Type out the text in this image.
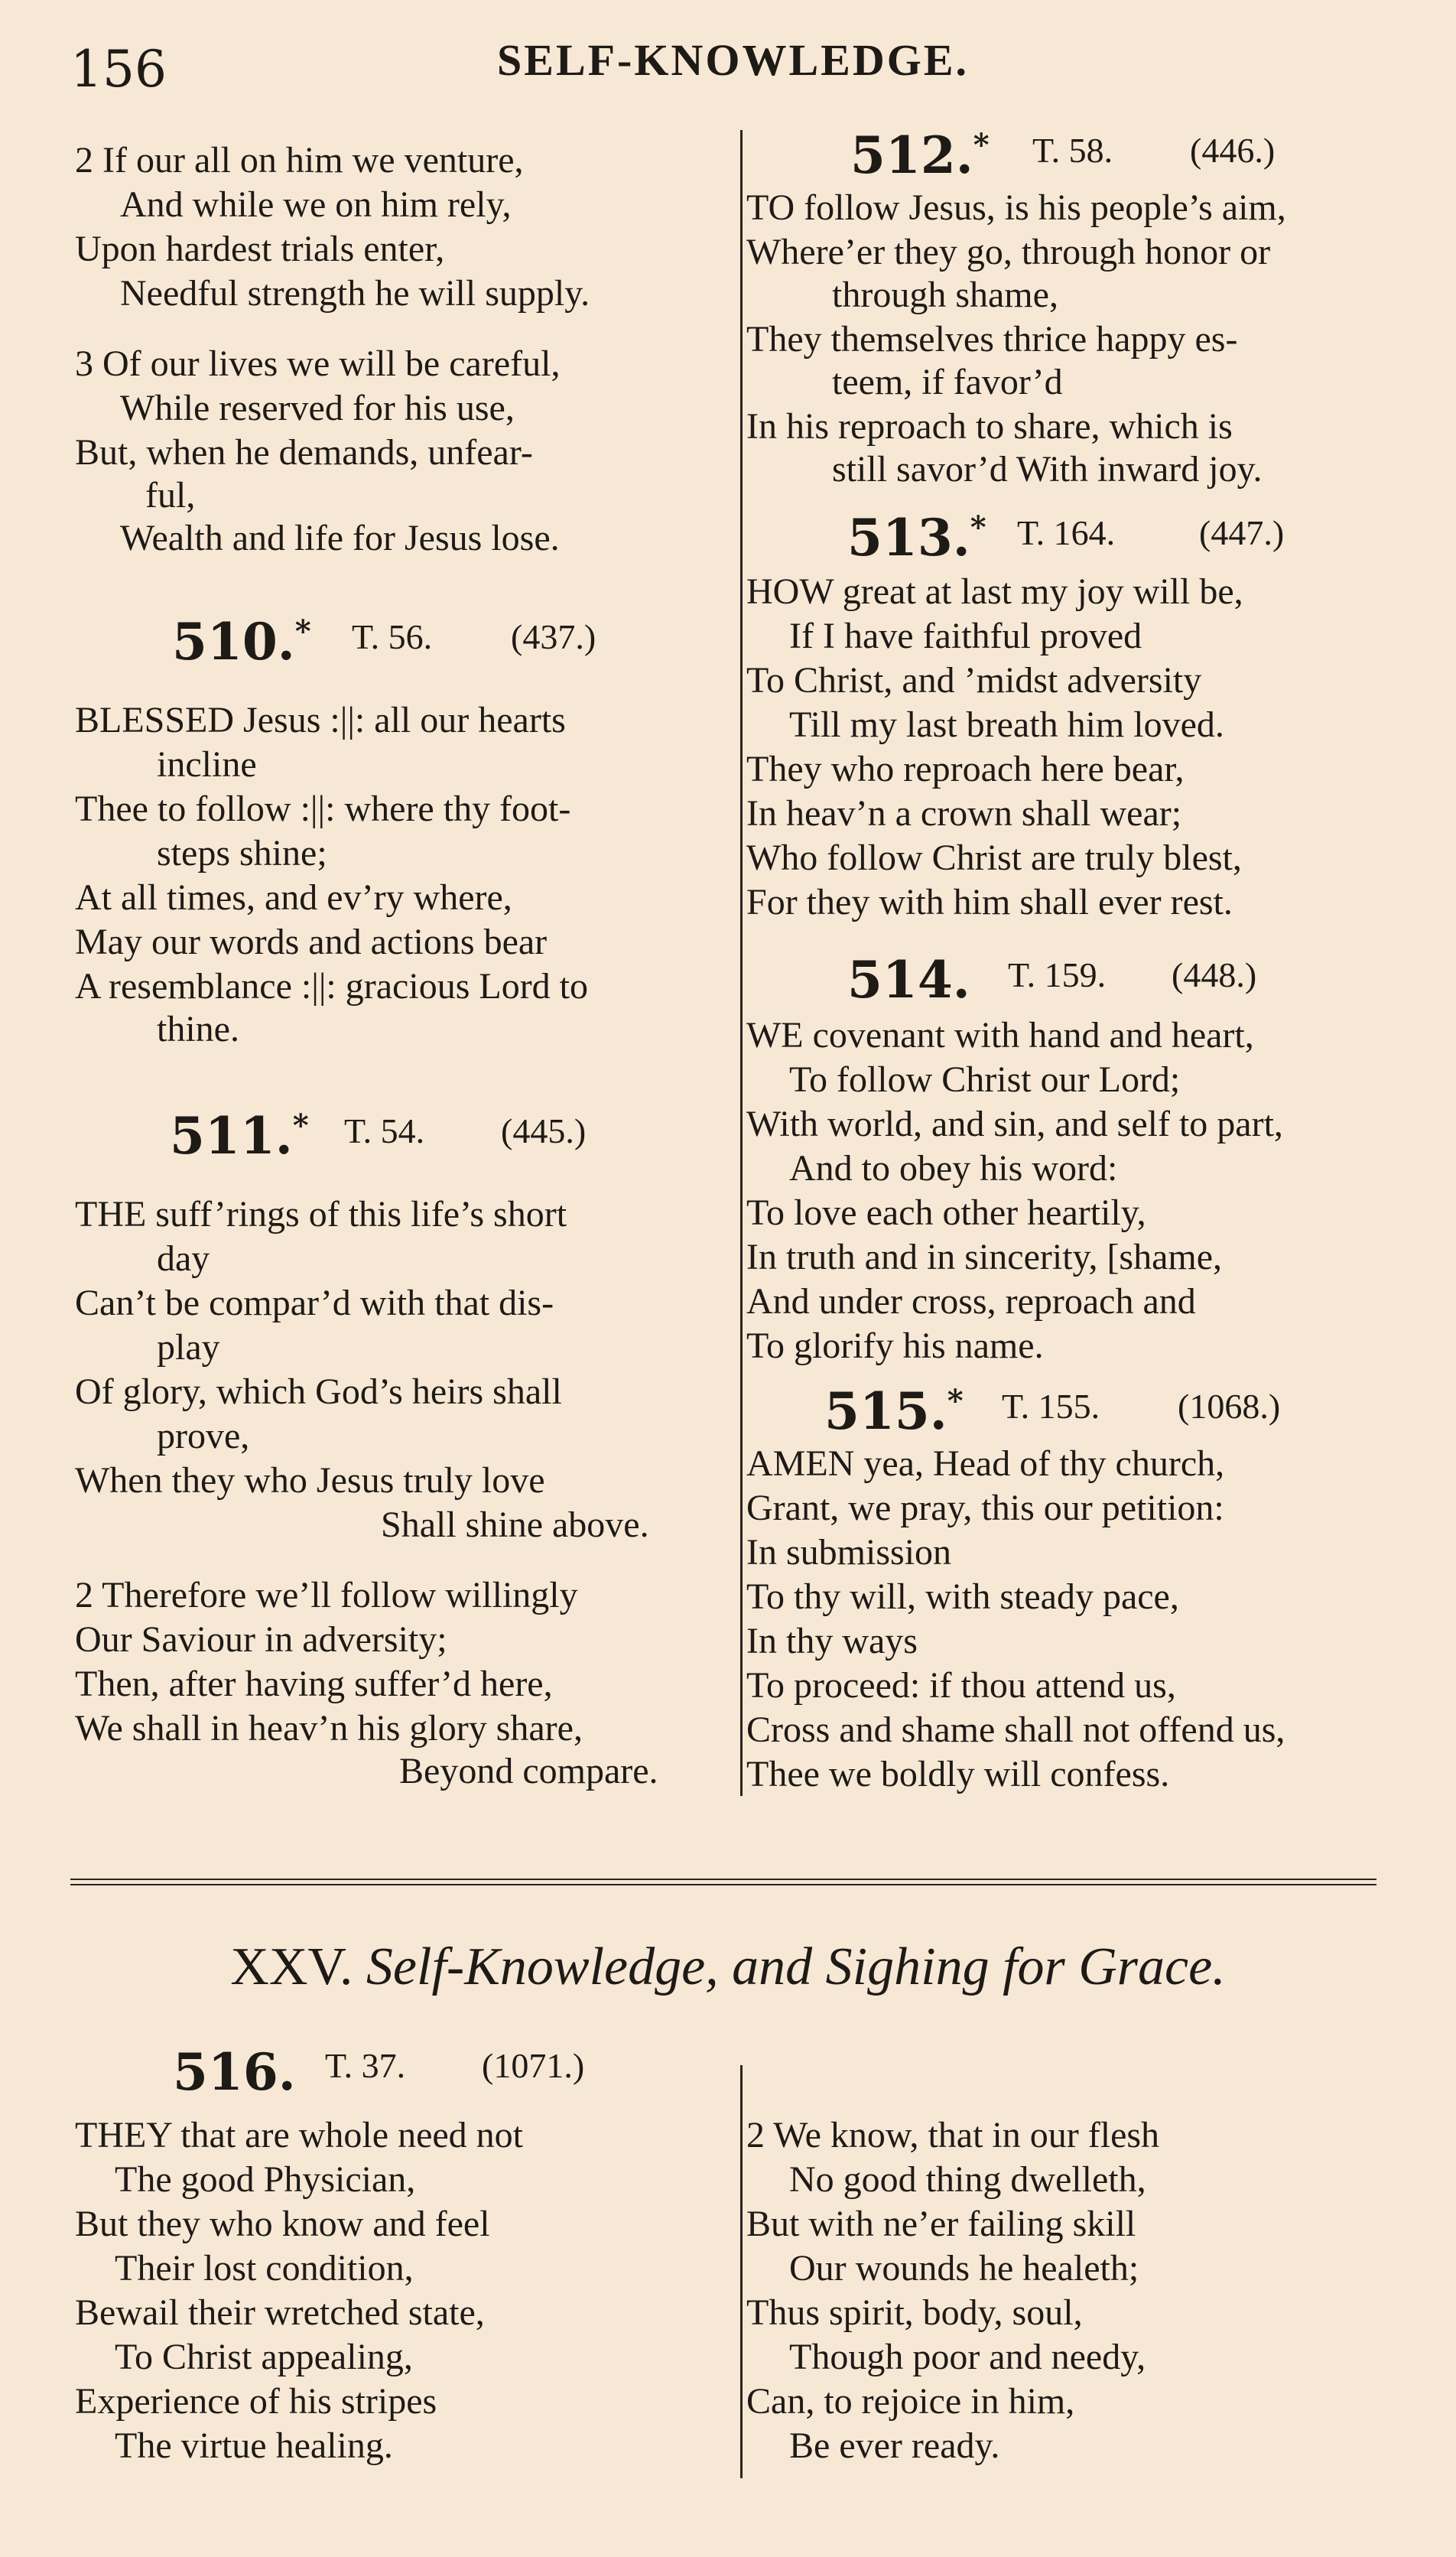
156	SELF-KNOWLEDGE.
2 If our all on him we venture,
And while we on him rely,
Upon hardest trials enter,
Needful strength he will supply.
3 Of our lives we will be careful,
While reserved for his use,
But, when he demands, unfear-
ful,
Wealth and life for Jesus lose.
510.* T. 56. (437.)
BLESSED Jesus :||: all our hearts
incline
Thee to follow :||: where thy foot-
steps shine;
At all times, and ev’ry where,
May our words and actions bear
A resemblance :||: gracious Lord to
thine.
511.* T. 54. (445.)
THE suff’rings of this life’s short
day
Can’t be compar’d with that dis-
play
Of glory, which God’s heirs shall
prove,
When they who Jesus truly love
Shall shine above.
2 Therefore we’ll follow willingly
Our Saviour in adversity;
Then, after having suffer’d here,
We shall in heav’n his glory share,
Beyond compare.
512.* T. 58. (446.)
TO follow Jesus, is his people’s aim,
Where’er they go, through honor or
through shame,
They themselves thrice happy es-
teem, if favor’d
In his reproach to share, which is
still savor’d With inward joy.
513.* T. 164. (447.)
HOW great at last my joy will be,
If I have faithful proved
To Christ, and ’midst adversity
Till my last breath him loved.
They who reproach here bear,
In heav’n a crown shall wear;
Who follow Christ are truly blest,
For they with him shall ever rest.
514. T. 159. (448.)
WE covenant with hand and heart,
To follow Christ our Lord;
With world, and sin, and self to part,
And to obey his word:
To love each other heartily,
In truth and in sincerity, [shame,
And under cross, reproach and
To glorify his name.
515.* T. 155. (1068.)
AMEN yea, Head of thy church,
Grant, we pray, this our petition:
In submission
To thy will, with steady pace,
In thy ways
To proceed: if thou attend us,
Cross and shame shall not offend us,
Thee we boldly will confess.
XXV. Self-Knowledge, and Sighing for Grace.
516. T. 37. (1071.)
THEY that are whole need not
The good Physician,
But they who know and feel
Their lost condition,
Bewail their wretched state,
To Christ appealing,
Experience of his stripes
The virtue healing.
2 We know, that in our flesh
No good thing dwelleth,
But with ne’er failing skill
Our wounds he healeth;
Thus spirit, body, soul,
Though poor and needy,
Can, to rejoice in him,
Be ever ready.
